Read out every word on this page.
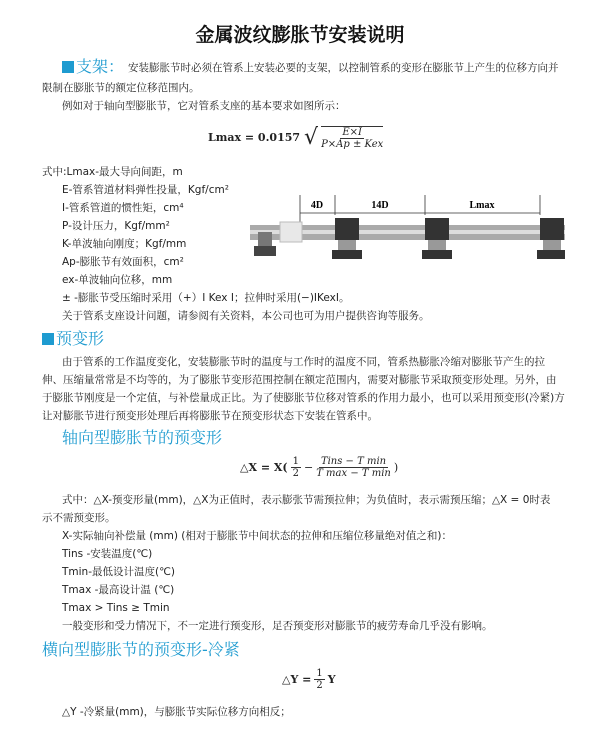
金属波纹膨胀节安装说明
支架： 安装膨胀节时必须在管系上安装必要的支架，以控制管系的变形在膨胀节上产生的位移方向并
限制在膨胀节的额定位移范围内。
例如对于轴向型膨胀节，它对管系支座的基本要求如图所示：
Lmax = 0.0157 √ $\frac{E\times I}{\text{P×Ap ± Kex}}$
式中:Lmax-最大导向间距，m
E-管系管道材料弹性投量，Kgf/cm²
I-管系管道的惯性矩，cm⁴
P-设计压力，Kgf/mm²
K-单波轴向刚度；Kgf/mm
Ap-膨胀节有效面积，cm²
ex-单波轴向位移，mm
± -膨胀节受压缩时采用（+）I Kex I；拉伸时采用(−)IKexI。
关于管系支座设计问题，请参阅有关资料，本公司也可为用户提供咨询等服务。
4D	14D	Lmax
预变形
由于管系的工作温度变化，安装膨胀节时的温度与工作时的温度不同，管系热膨胀冷缩对膨胀节产生的拉
伸、压缩量常常是不均等的，为了膨胀节变形范围控制在额定范围内，需要对膨胀节采取预变形处理。另外，由
于膨胀节刚度是一个定值，与补偿量成正比。为了使膨胀节位移对管系的作用力最小，也可以采用预变形(冷紧)方
让对膨胀节进行预变形处理后再将膨胀节在预变形状态下安装在管系中。
轴向型膨胀节的预变形
△X = $X( \frac{1}{2} - \frac{\text{Tins − T min}}{\text{T max − T min}}$ )
式中：△X-预变形量(mm)，△X为正值时，表示膨张节需预拉伸；为负值时，表示需预压缩；△X = 0时表
示不需预变形。
X-实际轴向补偿量 (mm) (相对于膨胀节中间状态的拉伸和压缩位移量绝对值之和)：
Tins -安装温度(℃)
Tmin-最低设计温度(℃)
Tmax -最高设计温 (℃)
Tmax > Tins ≥ Tmin
一般变形和受力情况下，不一定进行预变形，足否预变形对膨胀节的疲劳寿命几乎没有影响。
横向型膨胀节的预变形-冷紧
△Y = $\frac{1}{2}$ Y
△Y -冷紧量(mm)，与膨胀节实际位移方向相反；
